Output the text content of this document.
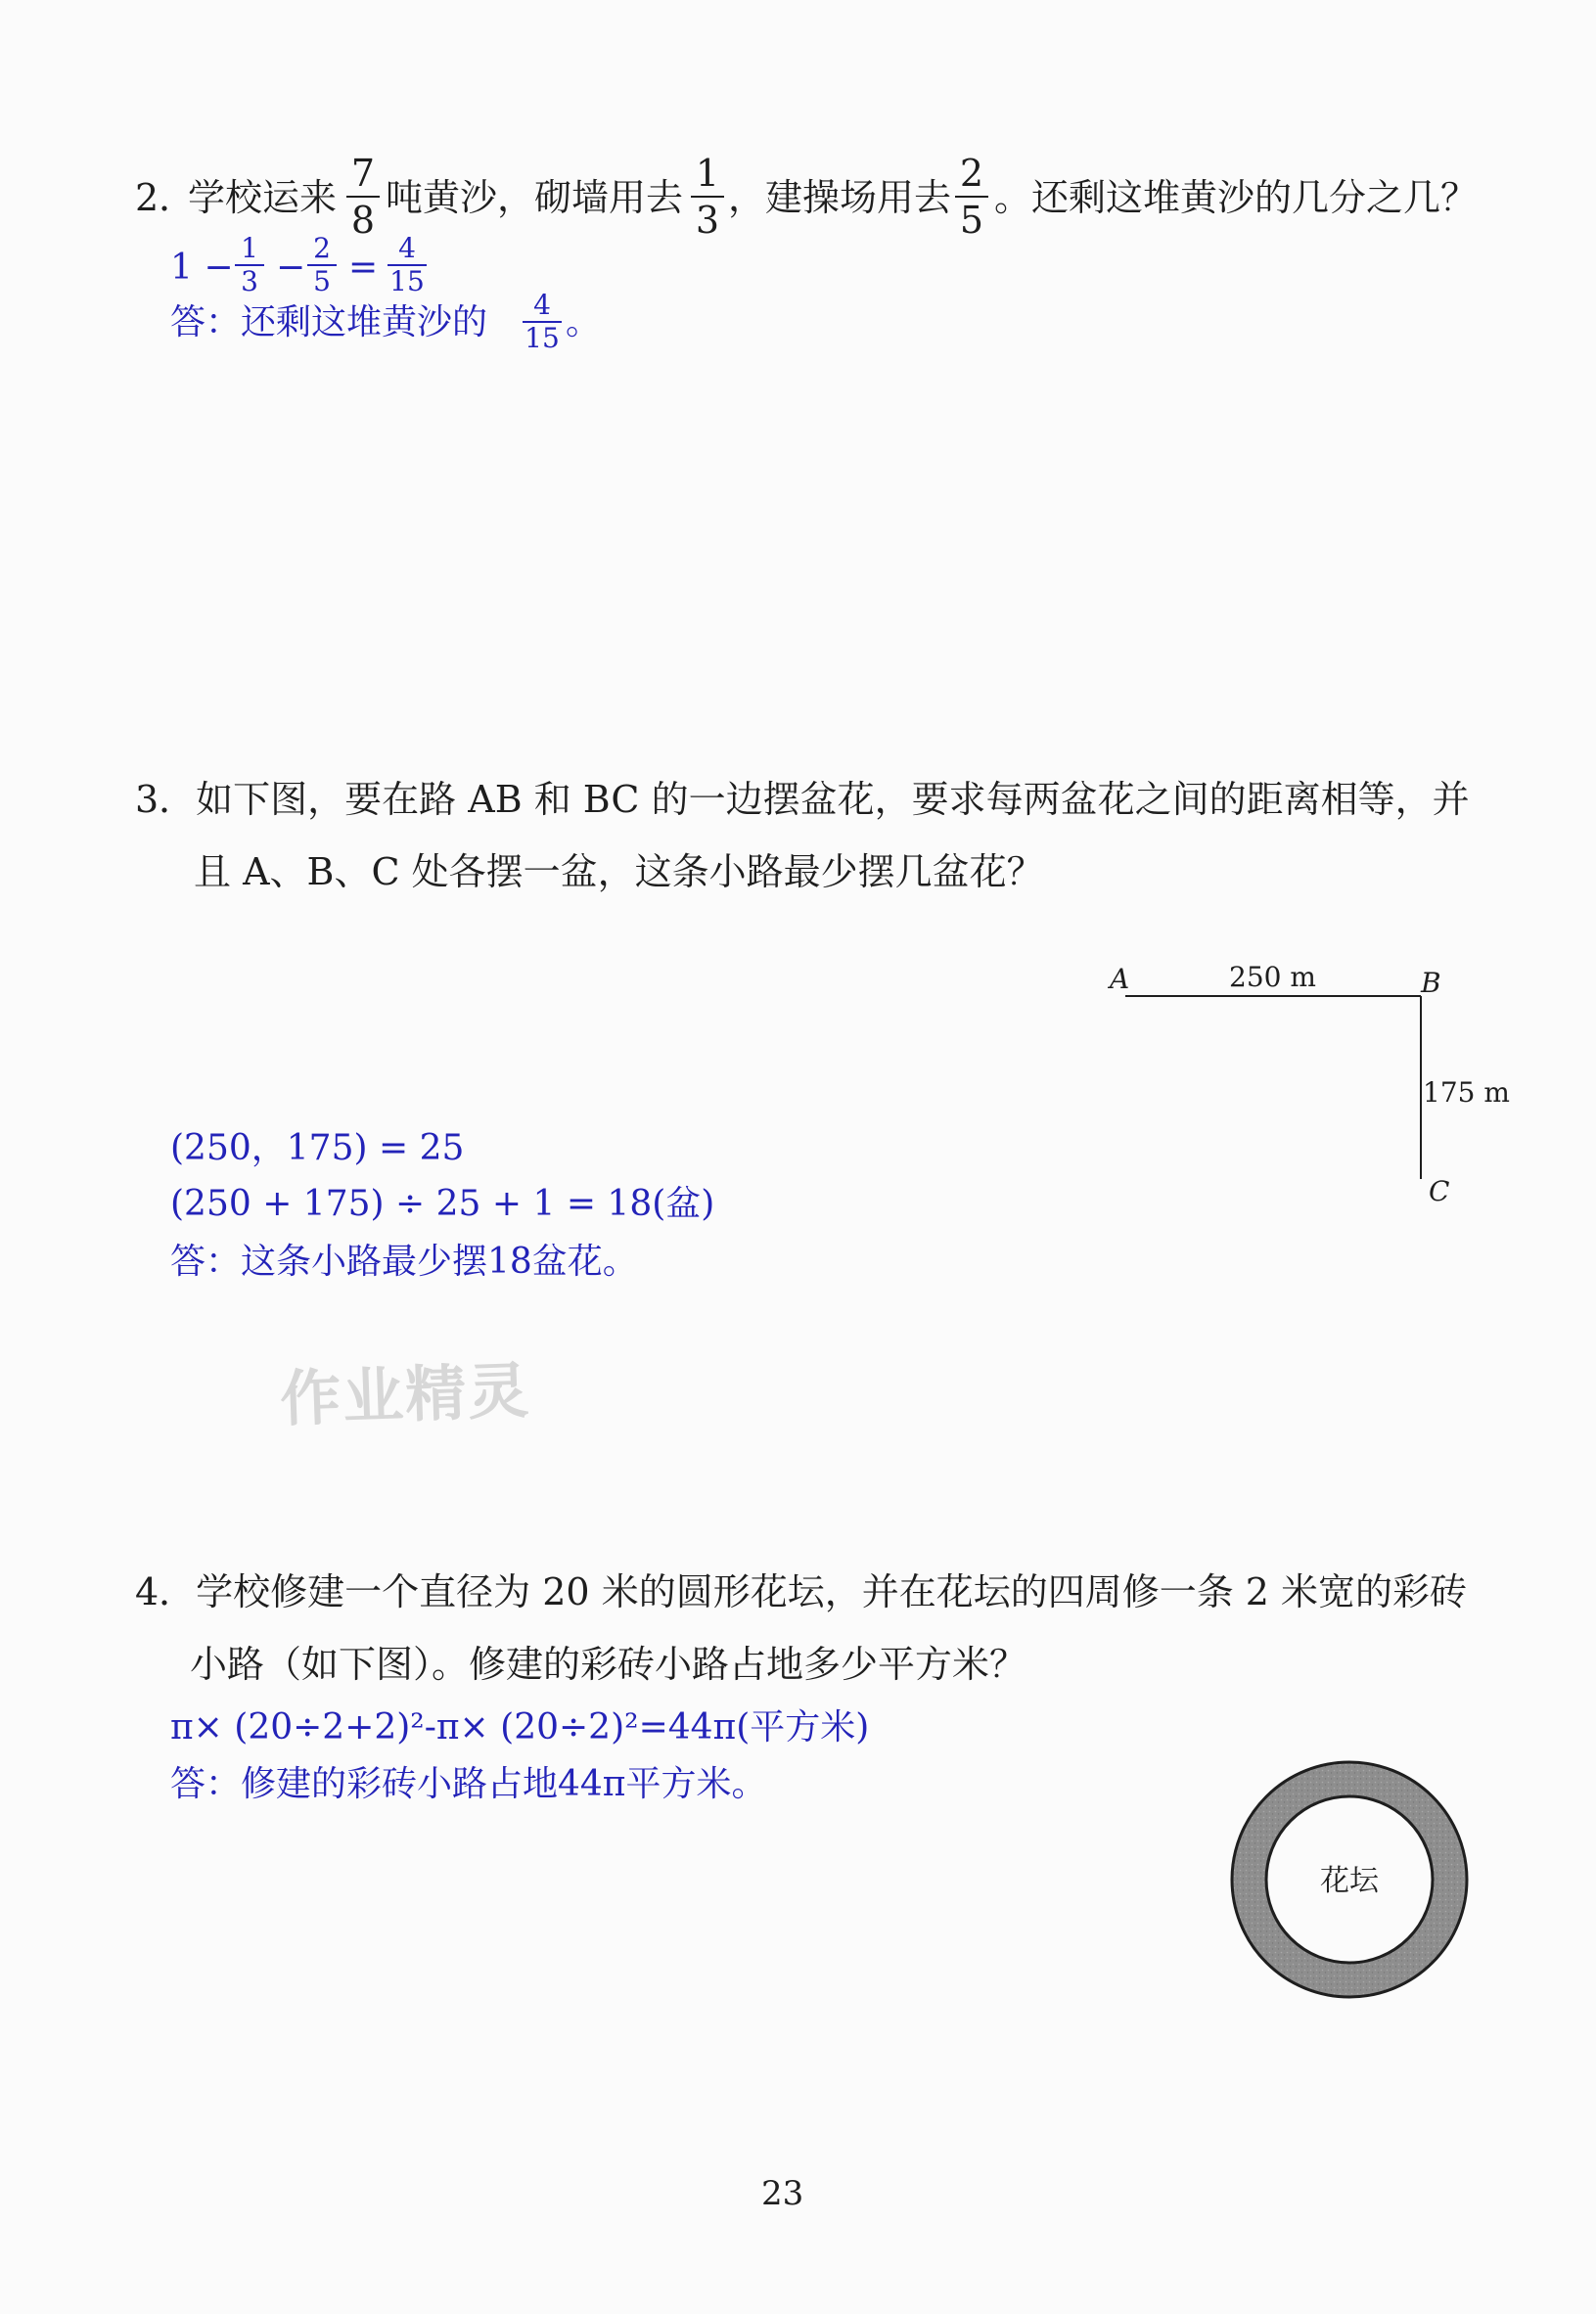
2．
学校运来
7
8
吨黄沙，砌墙用去
1
3
，建操场用去
2
5
。还剩这堆黄沙的几分之几？
1 − 1
3 − 2
5 = 4
15
答：还剩这堆黄沙的	4
15 。
3．如下图，要在路 AB 和 BC 的一边摆盆花，要求每两盆花之间的距离相等，并
且 A、B、C 处各摆一盆，这条小路最少摆几盆花？
A	250 m	B
175 m
C
(250，175) = 25
(250 + 175) ÷ 25 + 1 = 18(盆)
答：这条小路最少摆18盆花。
作业精灵
4．学校修建一个直径为 20 米的圆形花坛，并在花坛的四周修一条 2 米宽的彩砖
小路（如下图）。修建的彩砖小路占地多少平方米？
π× (20÷2+2)²-π× (20÷2)²=44π(平方米)
答：修建的彩砖小路占地44π平方米。
花坛
23
